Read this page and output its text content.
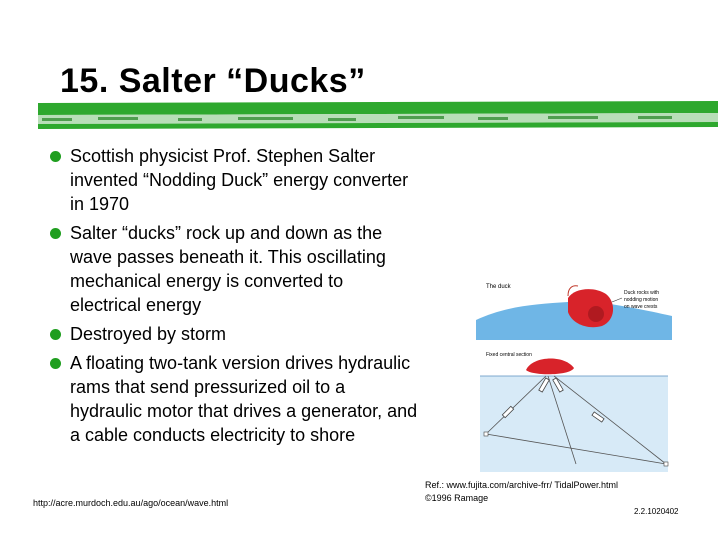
15. Salter “Ducks”
Scottish physicist Prof. Stephen Salter invented “Nodding Duck” energy converter in 1970
Salter “ducks” rock up and down as the wave passes beneath it. This oscillating mechanical energy is converted to electrical energy
Destroyed by storm
A floating two-tank version drives hydraulic rams that send pressurized oil to a hydraulic motor that drives a generator, and a cable conducts electricity to shore
The duck
Duck rocks with
nodding motion
on wave crests
Fixed central section
http://acre.murdoch.edu.au/ago/ocean/wave.html
Ref.: www.fujita.com/archive-frr/ TidalPower.html
©1996 Ramage
2.2.1020402
